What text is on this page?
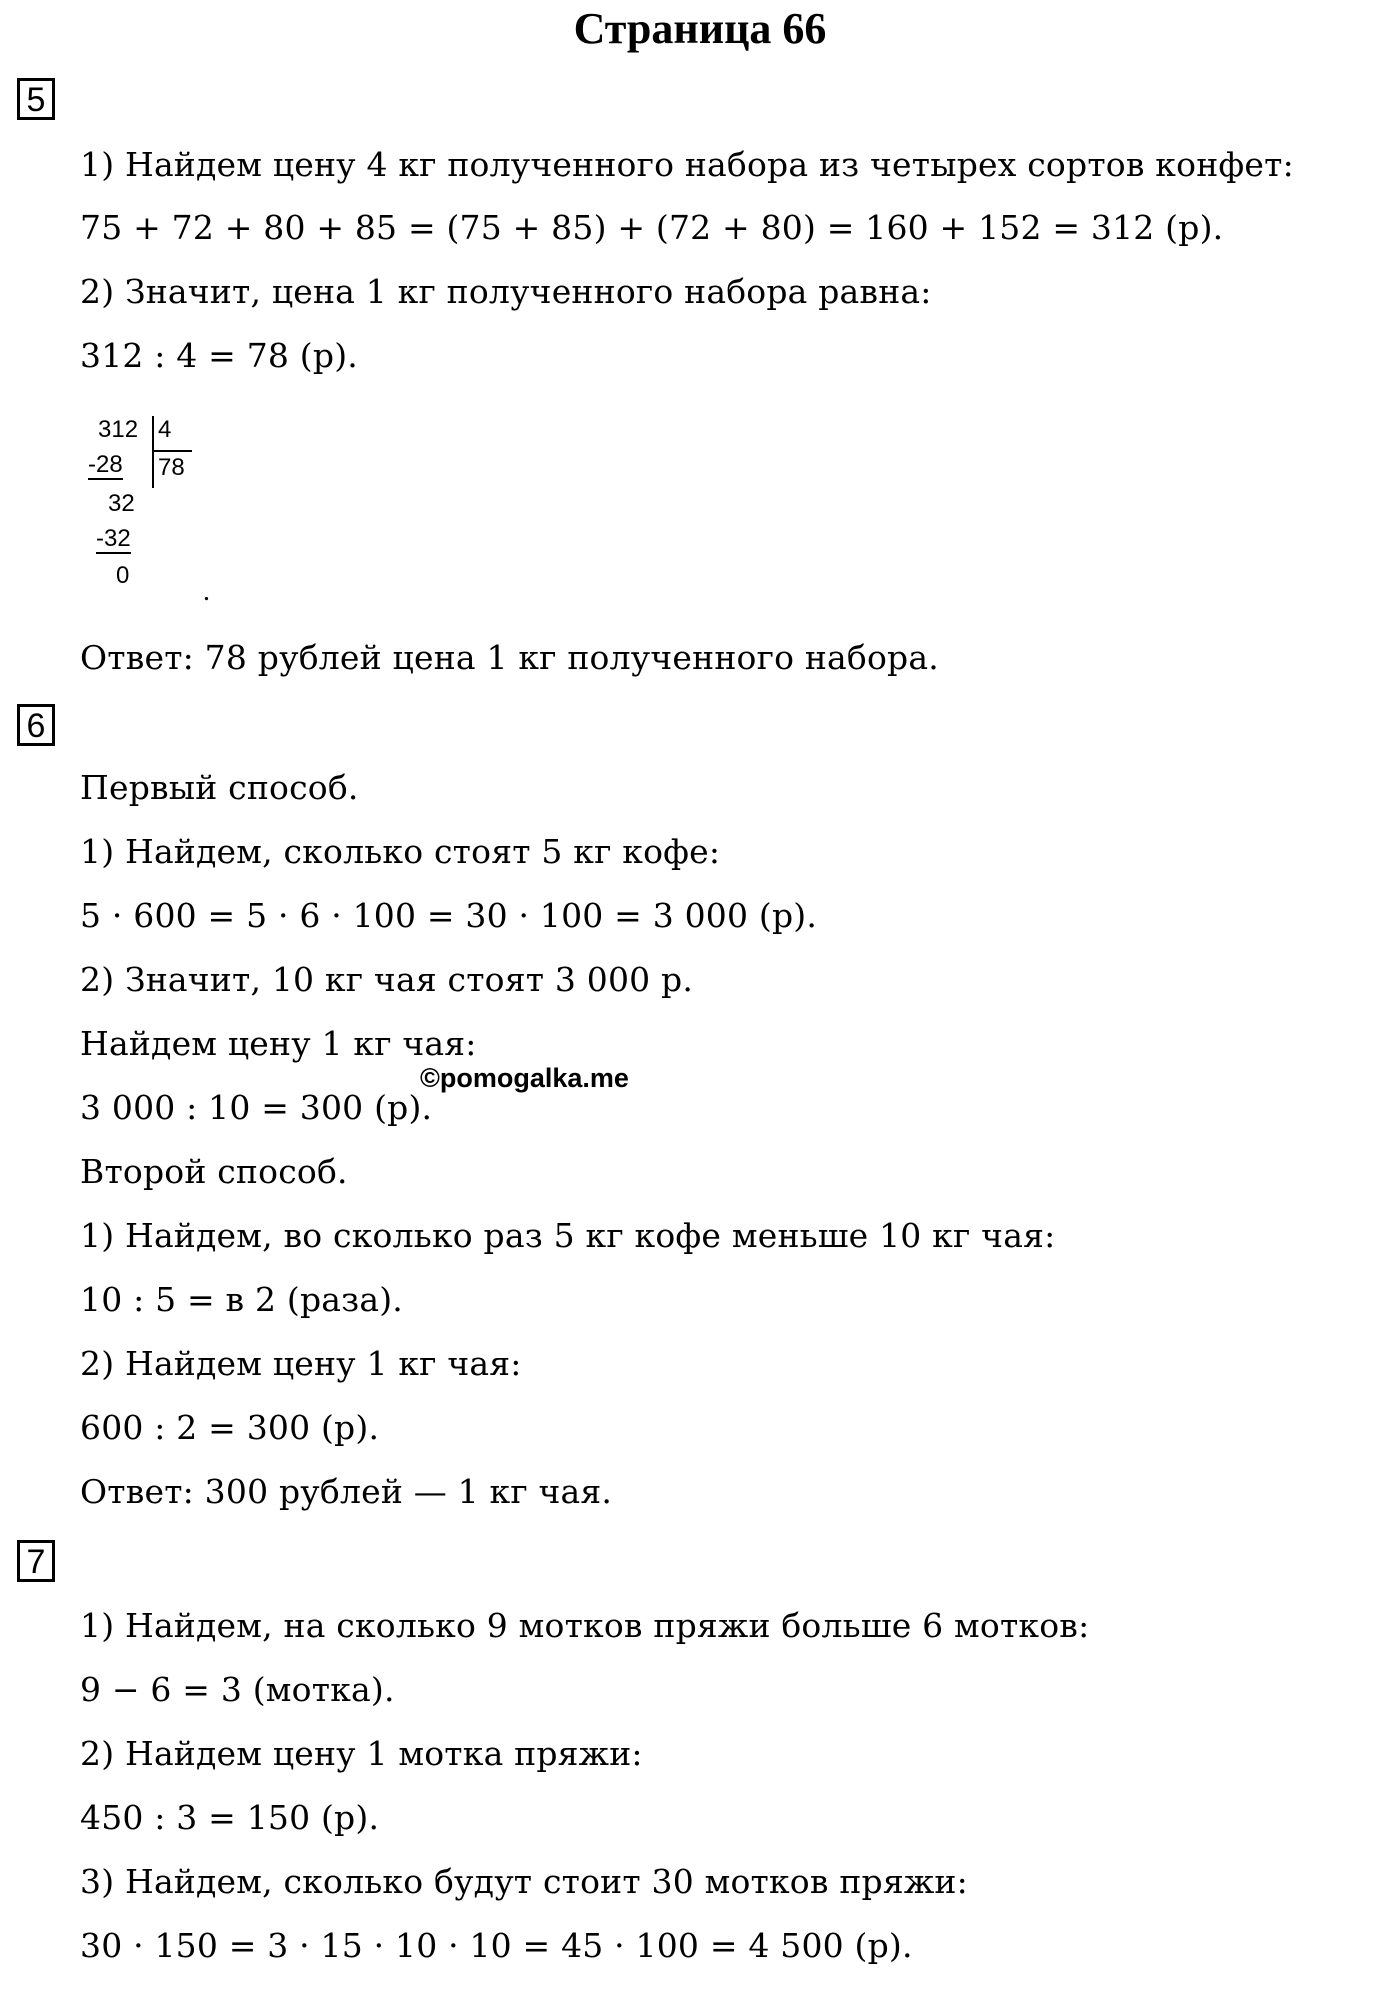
Страница 66
5
1) Найдем цену 4 кг полученного набора из четырех сортов конфет:
75 + 72 + 80 + 85 = (75 + 85) + (72 + 80) = 160 + 152 = 312 (р).
2) Значит, цена 1 кг полученного набора равна:
312 : 4 = 78 (р).
312 4
-28 78
32
-32
0
.
Ответ: 78 рублей цена 1 кг полученного набора.
6
Первый способ.
1) Найдем, сколько стоят 5 кг кофе:
5 · 600 = 5 · 6 · 100 = 30 · 100 = 3 000 (р).
2) Значит, 10 кг чая стоят 3 000 р.
Найдем цену 1 кг чая:
©pomogalka.me
3 000 : 10 = 300 (р).
Второй способ.
1) Найдем, во сколько раз 5 кг кофе меньше 10 кг чая:
10 : 5 = в 2 (раза).
2) Найдем цену 1 кг чая:
600 : 2 = 300 (р).
Ответ: 300 рублей — 1 кг чая.
7
1) Найдем, на сколько 9 мотков пряжи больше 6 мотков:
9 − 6 = 3 (мотка).
2) Найдем цену 1 мотка пряжи:
450 : 3 = 150 (р).
3) Найдем, сколько будут стоит 30 мотков пряжи:
30 · 150 = 3 · 15 · 10 · 10 = 45 · 100 = 4 500 (р).
